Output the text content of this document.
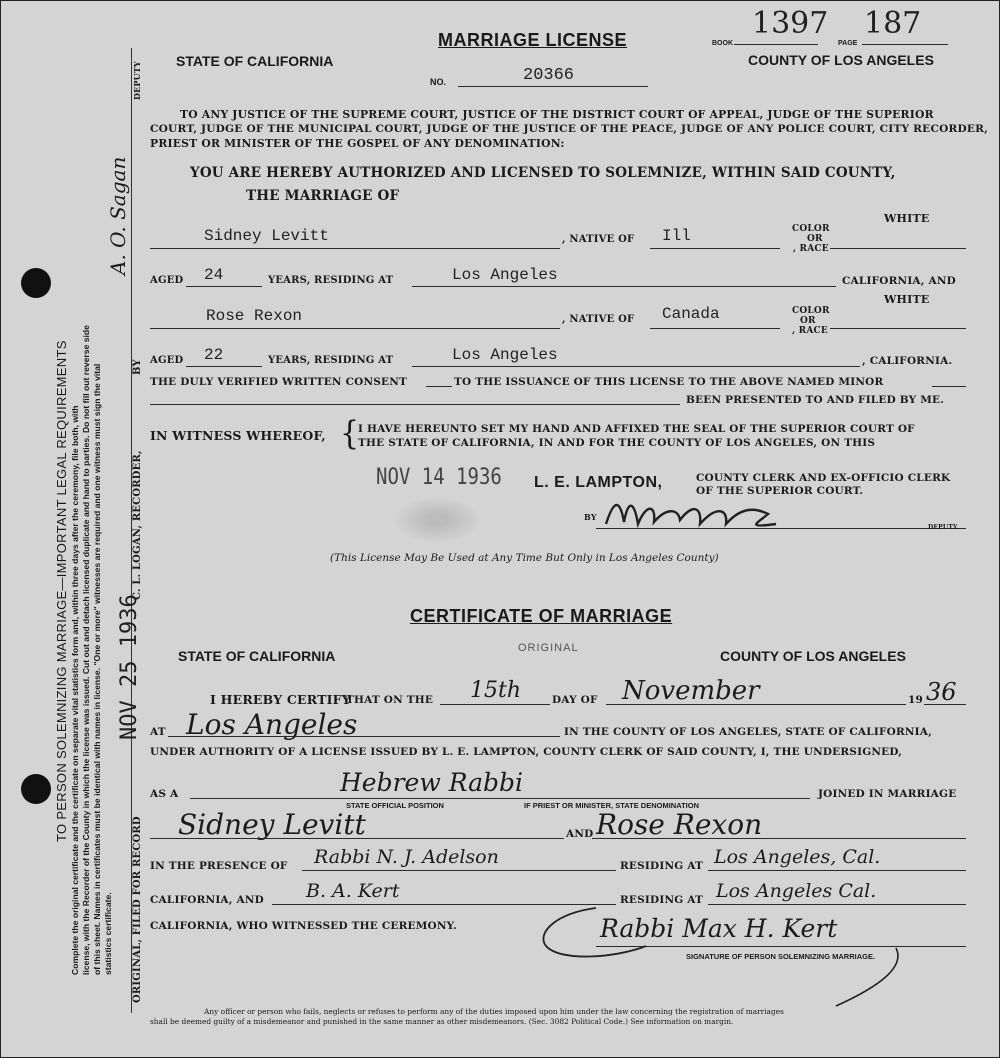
TO PERSON SOLEMNIZING MARRIAGE—IMPORTANT LEGAL REQUIREMENTS Complete the original certificate and the certificate on separate vital statistics form and, within three days after the ceremony, file both, with license, with the Recorder of the County in which the license was issued. Cut out and detach licensed duplicate and hand to parties. Do not fill out reverse side of this sheet. Names in certificates must be identical with names in license. "One or more" witnesses are required and one witness must sign the vital statistics certificate. ORIGINAL, FILED FOR RECORD
NOV 25 1936
C. L. LOGAN, RECORDER,
BY
A. O. Sagan
DEPUTY
BOOK
1397
PAGE
187
STATE OF CALIFORNIA
MARRIAGE LICENSE
NO.	20366
COUNTY OF LOS ANGELES
TO ANY JUSTICE OF THE SUPREME COURT, JUSTICE OF THE DISTRICT COURT OF APPEAL, JUDGE OF THE SUPERIOR
COURT, JUDGE OF THE MUNICIPAL COURT, JUDGE OF THE JUSTICE OF THE PEACE, JUDGE OF ANY POLICE COURT, CITY RECORDER,
PRIEST OR MINISTER OF THE GOSPEL OF ANY DENOMINATION:
YOU ARE HEREBY AUTHORIZED AND LICENSED TO SOLEMNIZE, WITHIN SAID COUNTY,
THE MARRIAGE OF
WHITE
Sidney Levitt	, NATIVE OF Ill	COLOR
OR
, RACE
AGED 24	YEARS, RESIDING AT	Los Angeles	CALIFORNIA, AND
WHITE
Rose Rexon	, NATIVE OF Canada	COLOR
OR
, RACE
AGED 22	YEARS, RESIDING AT	Los Angeles	, CALIFORNIA.
THE DULY VERIFIED WRITTEN CONSENT	TO THE ISSUANCE OF THIS LICENSE TO THE ABOVE NAMED MINOR
BEEN PRESENTED TO AND FILED BY ME.
IN WITNESS WHEREOF, {
I HAVE HEREUNTO SET MY HAND AND AFFIXED THE SEAL OF THE SUPERIOR COURT OF
THE STATE OF CALIFORNIA, IN AND FOR THE COUNTY OF LOS ANGELES, ON THIS
NOV 14 1936 L. E. LAMPTON,	COUNTY CLERK AND EX-OFFICIO CLERK
OF THE SUPERIOR COURT.
BY
DEPUTY.
(This License May Be Used at Any Time But Only in Los Angeles County)
CERTIFICATE OF MARRIAGE
STATE OF CALIFORNIA	ORIGINAL	COUNTY OF LOS ANGELES
I HEREBY CERTIFY
THAT ON THE 15th	DAY OF November	19 36
AT Los Angeles	IN THE COUNTY OF LOS ANGELES, STATE OF CALIFORNIA,
UNDER AUTHORITY OF A LICENSE ISSUED BY L. E. LAMPTON, COUNTY CLERK OF SAID COUNTY, I, THE UNDERSIGNED,
AS A	Hebrew Rabbi
STATE OFFICIAL POSITION	IF PRIEST OR MINISTER, STATE DENOMINATION
JOINED IN MARRIAGE
Sidney Levitt	AND Rose Rexon
IN THE PRESENCE OF Rabbi N. J. Adelson	RESIDING AT Los Angeles, Cal.
CALIFORNIA, AND B. A. Kert	RESIDING AT Los Angeles Cal.
CALIFORNIA, WHO WITNESSED THE CEREMONY.	Rabbi Max H. Kert
SIGNATURE OF PERSON SOLEMNIZING MARRIAGE.
Any officer or person who fails, neglects or refuses to perform any of the duties imposed upon him under the law concerning the registration of marriages
shall be deemed guilty of a misdemeanor and punished in the same manner as other misdemeanors. (Sec. 3082 Political Code.) See information on margin.
